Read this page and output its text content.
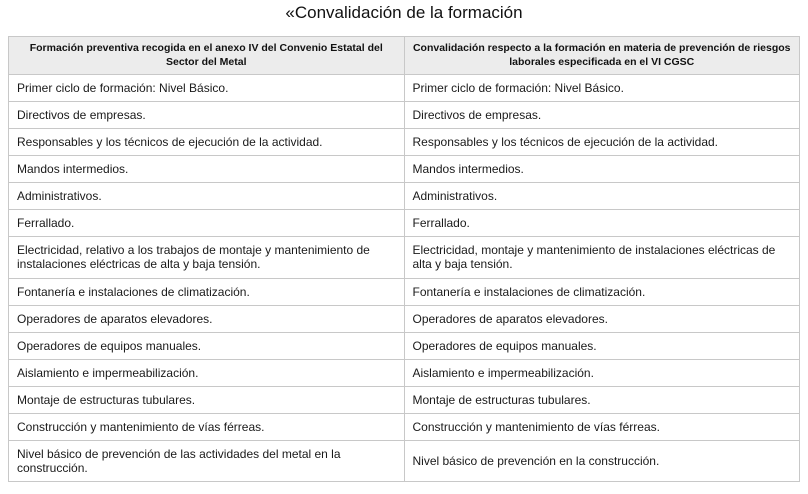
«Convalidación de la formación
Formación preventiva recogida en el anexo IV del Convenio Estatal del Sector del Metal	Convalidación respecto a la formación en materia de prevención de riesgos laborales especificada en el VI CGSC
Primer ciclo de formación: Nivel Básico.	Primer ciclo de formación: Nivel Básico.
Directivos de empresas.	Directivos de empresas.
Responsables y los técnicos de ejecución de la actividad.	Responsables y los técnicos de ejecución de la actividad.
Mandos intermedios.	Mandos intermedios.
Administrativos.	Administrativos.
Ferrallado.	Ferrallado.
Electricidad, relativo a los trabajos de montaje y mantenimiento de instalaciones eléctricas de alta y baja tensión.	Electricidad, montaje y mantenimiento de instalaciones eléctricas de alta y baja tensión.
Fontanería e instalaciones de climatización.	Fontanería e instalaciones de climatización.
Operadores de aparatos elevadores.	Operadores de aparatos elevadores.
Operadores de equipos manuales.	Operadores de equipos manuales.
Aislamiento e impermeabilización.	Aislamiento e impermeabilización.
Montaje de estructuras tubulares.	Montaje de estructuras tubulares.
Construcción y mantenimiento de vías férreas.	Construcción y mantenimiento de vías férreas.
Nivel básico de prevención de las actividades del metal en la construcción.	Nivel básico de prevención en la construcción.
